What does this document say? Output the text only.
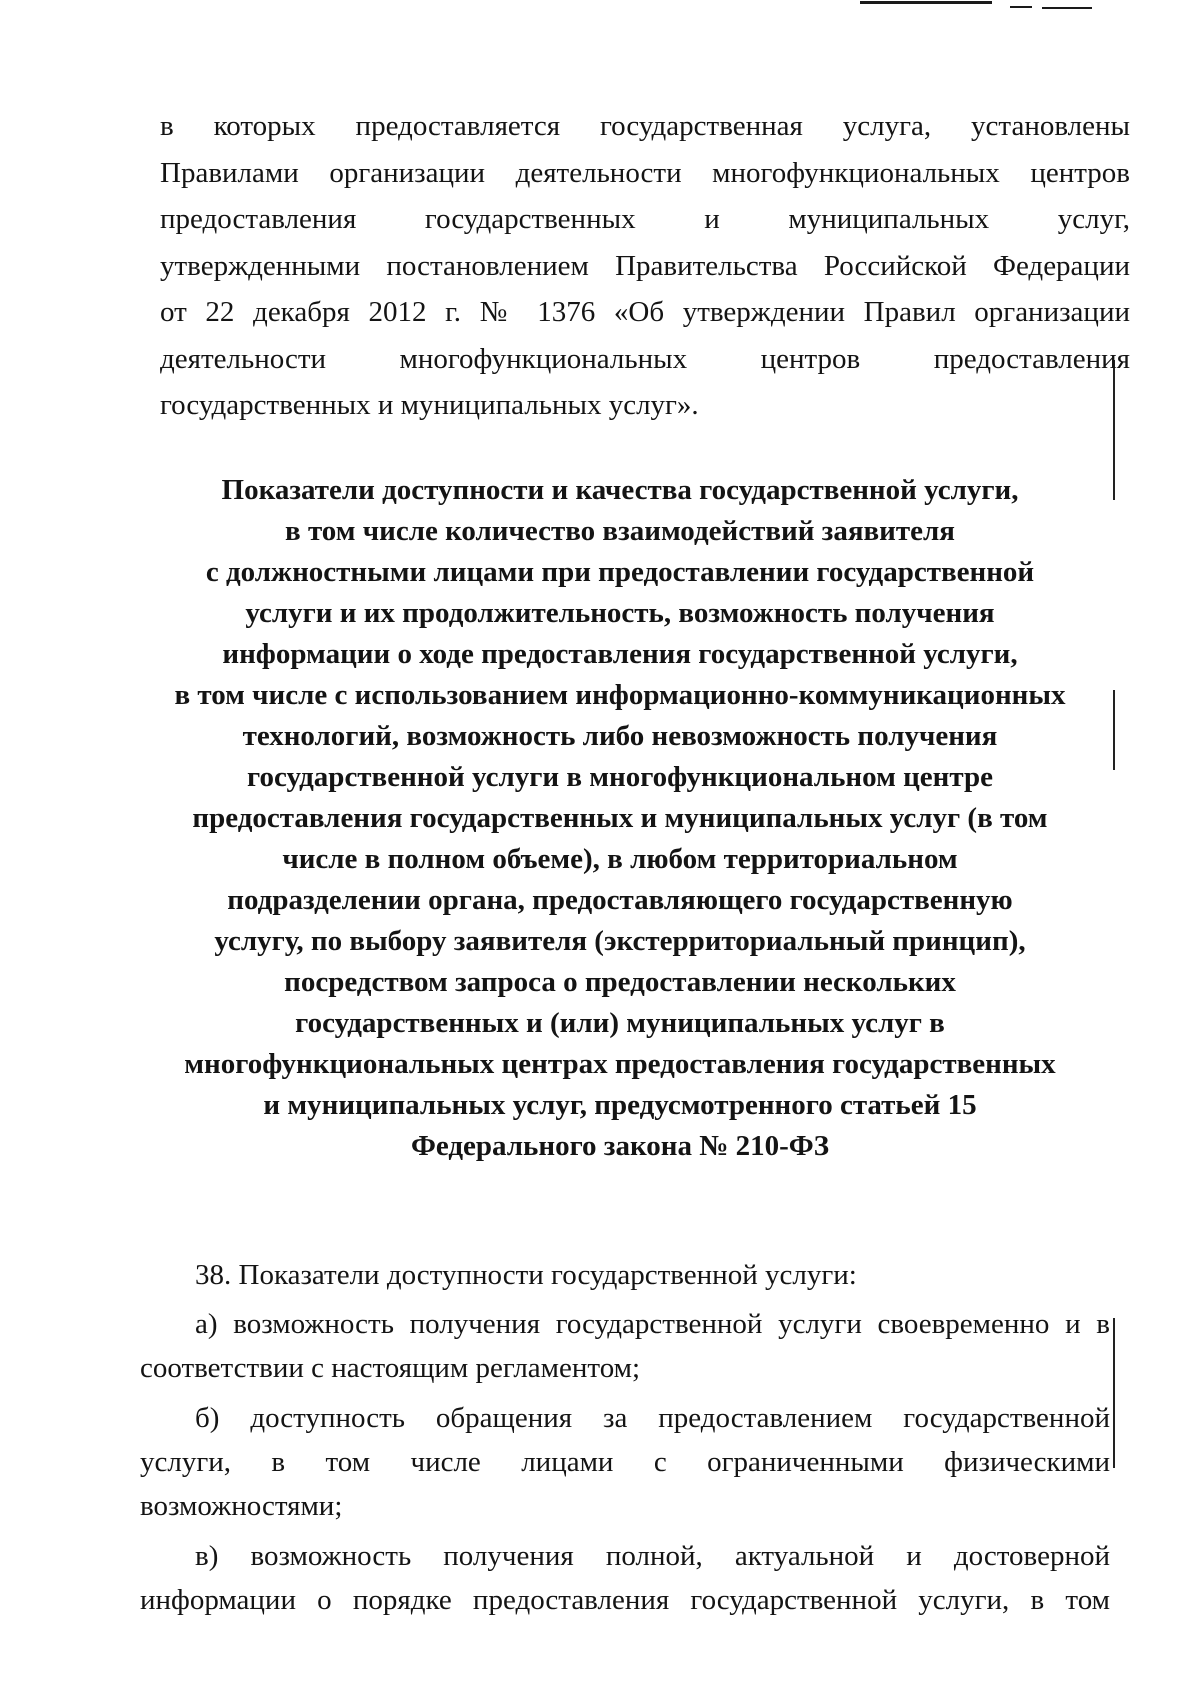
в которых предоставляется государственная услуга, установлены
Правилами организации деятельности многофункциональных центров
предоставления государственных и муниципальных услуг,
утвержденными постановлением Правительства Российской Федерации
от 22 декабря 2012 г. № 1376 «Об утверждении Правил организации
деятельности многофункциональных центров предоставления
государственных и муниципальных услуг».
Показатели доступности и качества государственной услуги,
в том числе количество взаимодействий заявителя
с должностными лицами при предоставлении государственной
услуги и их продолжительность, возможность получения
информации о ходе предоставления государственной услуги,
в том числе с использованием информационно-коммуникационных
технологий, возможность либо невозможность получения
государственной услуги в многофункциональном центре
предоставления государственных и муниципальных услуг (в том
числе в полном объеме), в любом территориальном
подразделении органа, предоставляющего государственную
услугу, по выбору заявителя (экстерриториальный принцип),
посредством запроса о предоставлении нескольких
государственных и (или) муниципальных услуг в
многофункциональных центрах предоставления государственных
и муниципальных услуг, предусмотренного статьей 15
Федерального закона № 210-ФЗ
38. Показатели доступности государственной услуги:
а) возможность получения государственной услуги своевременно и в
соответствии с настоящим регламентом;
б) доступность обращения за предоставлением государственной
услуги, в том числе лицами с ограниченными физическими
возможностями;
в) возможность получения полной, актуальной и достоверной
информации о порядке предоставления государственной услуги, в том
